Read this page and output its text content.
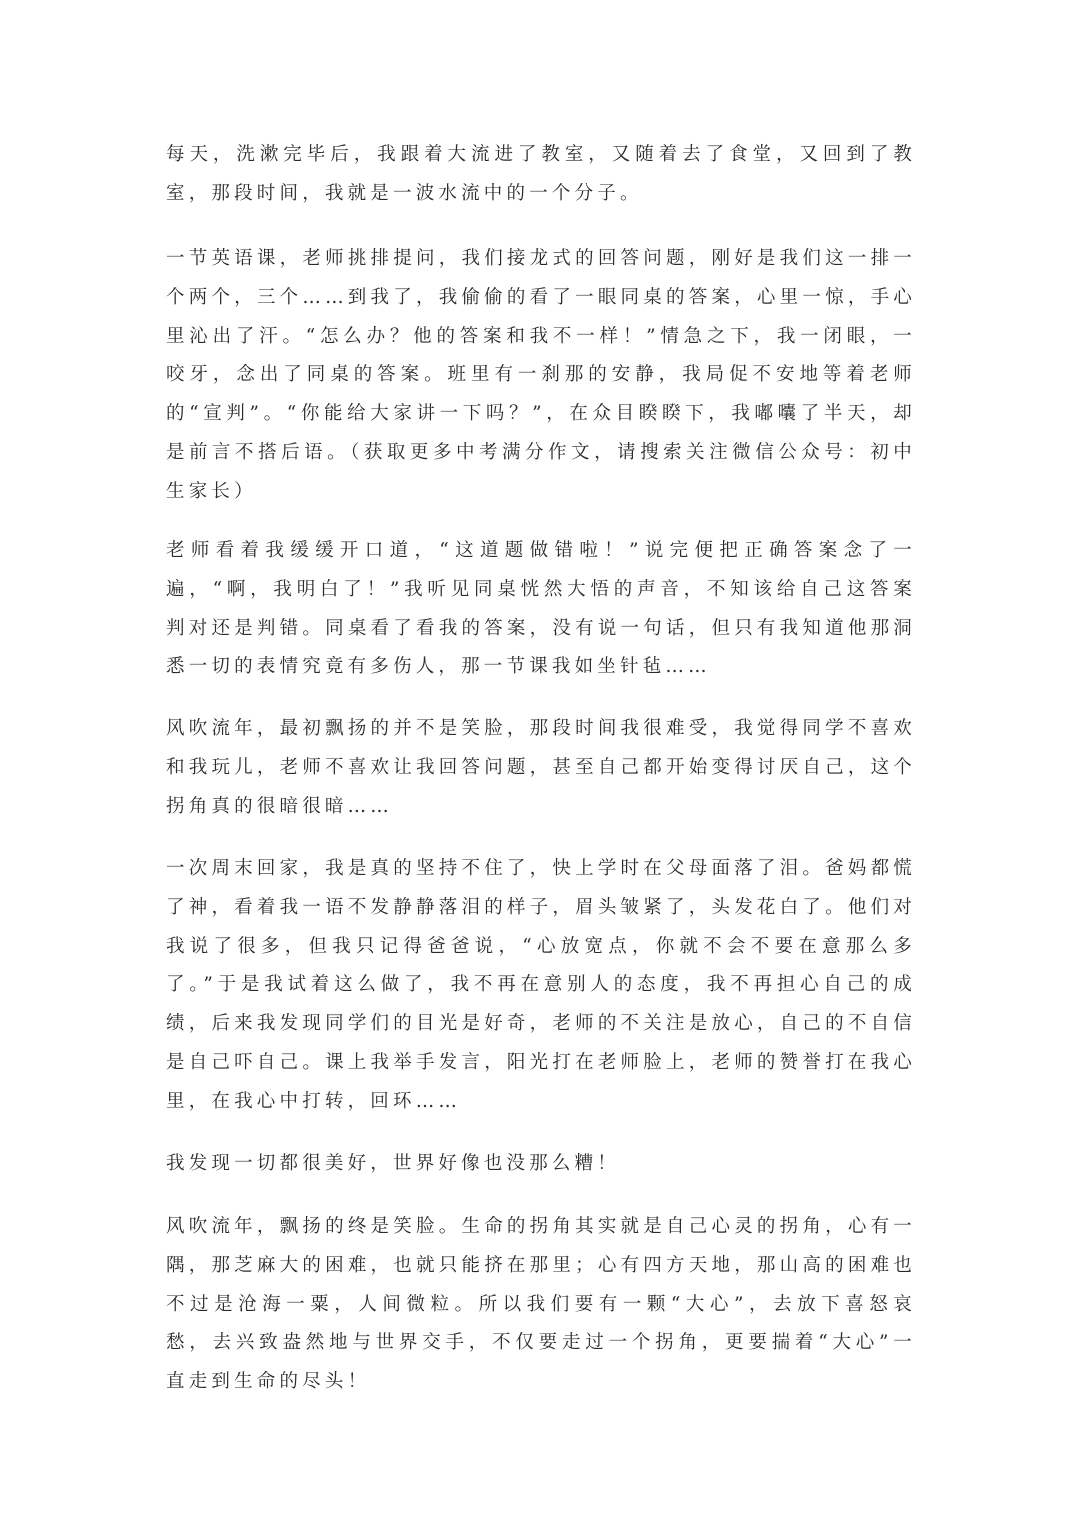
每天，洗漱完毕后，我跟着大流进了教室，又随着去了食堂，又回到了教室，那段时间，我就是一波水流中的一个分子。

一节英语课，老师挑排提问，我们接龙式的回答问题，刚好是我们这一排一个两个，三个……到我了，我偷偷的看了一眼同桌的答案，心里一惊，手心里沁出了汗。“怎么办？他的答案和我不一样！”情急之下，我一闭眼，一咬牙，念出了同桌的答案。班里有一刹那的安静，我局促不安地等着老师的“宣判”。“你能给大家讲一下吗？”，在众目睽睽下，我嘟囔了半天，却是前言不搭后语。（获取更多中考满分作文，请搜索关注微信公众号：初中生家长）

老师看着我缓缓开口道，“这道题做错啦！”说完便把正确答案念了一遍，“啊，我明白了！”我听见同桌恍然大悟的声音，不知该给自己这答案判对还是判错。同桌看了看我的答案，没有说一句话，但只有我知道他那洞悉一切的表情究竟有多伤人，那一节课我如坐针毡……

风吹流年，最初飘扬的并不是笑脸，那段时间我很难受，我觉得同学不喜欢和我玩儿，老师不喜欢让我回答问题，甚至自己都开始变得讨厌自己，这个拐角真的很暗很暗……

一次周末回家，我是真的坚持不住了，快上学时在父母面落了泪。爸妈都慌了神，看着我一语不发静静落泪的样子，眉头皱紧了，头发花白了。他们对我说了很多，但我只记得爸爸说，“心放宽点，你就不会不要在意那么多了。”于是我试着这么做了，我不再在意别人的态度，我不再担心自己的成绩，后来我发现同学们的目光是好奇，老师的不关注是放心，自己的不自信是自己吓自己。课上我举手发言，阳光打在老师脸上，老师的赞誉打在我心里，在我心中打转，回环……

我发现一切都很美好，世界好像也没那么糟！

风吹流年，飘扬的终是笑脸。生命的拐角其实就是自己心灵的拐角，心有一隅，那芝麻大的困难，也就只能挤在那里；心有四方天地，那山高的困难也不过是沧海一粟，人间微粒。所以我们要有一颗“大心”，去放下喜怒哀愁，去兴致盎然地与世界交手，不仅要走过一个拐角，更要揣着“大心”一直走到生命的尽头！
